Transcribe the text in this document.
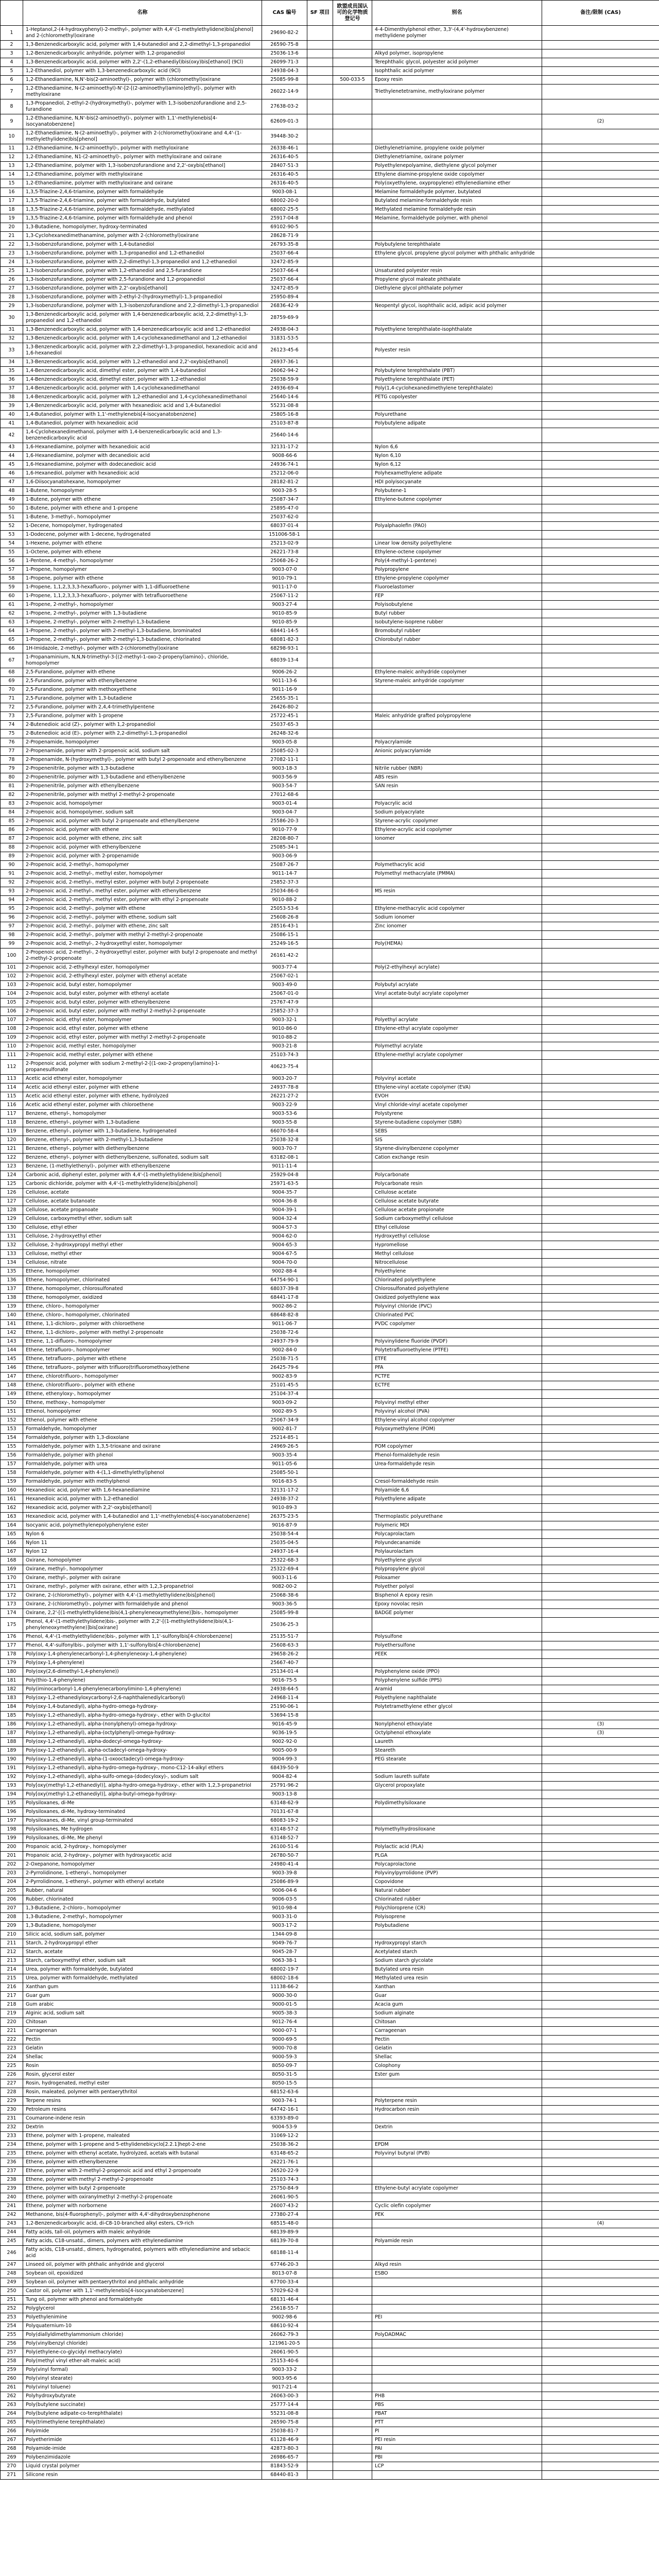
	名称	CAS 编号	SF 项目	欧盟成员国认可的化学物质登记号	别名	备注/限制 (CAS)
1	1-Heptanol,2-(4-hydroxyphenyl)-2-methyl-, polymer with 4,4'-(1-methylethylidene)bis[phenol] and 2-(chloromethyl)oxirane	29690-82-2			4-4-Dimenthylphenol ether, 3,3'-(4,4'-hydroxybenzene) methylidene polymer	
2	1,3-Benzenedicarboxylic acid, polymer with 1,4-butanediol and 2,2-dimethyl-1,3-propanediol	26590-75-8				
3	1,2-Benzenedicarboxylic anhydride, polymer with 1,2-propanediol	25036-13-6			Alkyd polymer, isopropylene	
4	1,3-Benzenedicarboxylic acid, polymer with 2,2'-(1,2-ethanediyl)bis(oxy)bis[ethanol] (9Cl)	26099-71-3			Terephthalic glycol, polyester acid polymer	
5	1,2-Ethanediol, polymer with 1,3-benzenedicarboxylic acid (9Cl)	24938-04-3			Isophthalic acid polymer	
6	1,2-Ethanediamine, N,N'-bis(2-aminoethyl)-, polymer with (chloromethyl)oxirane	25085-99-8		500-033-5	Epoxy resin	
7	1,2-Ethanediamine, N-(2-aminoethyl)-N'-[2-[(2-aminoethyl)amino]ethyl]-, polymer with methyloxirane	26022-14-9			Triethylenetetramine, methyloxirane polymer	
8	1,3-Propanediol, 2-ethyl-2-(hydroxymethyl)-, polymer with 1,3-isobenzofurandione and 2,5-furandione	27638-03-2				
9	1,2-Ethanediamine, N,N'-bis(2-aminoethyl)-, polymer with 1,1'-methylenebis[4-isocyanatobenzene]	62609-01-3				(2)
10	1,2-Ethanediamine, N-(2-aminoethyl)-, polymer with 2-(chloromethyl)oxirane and 4,4'-(1-methylethylidene)bis[phenol]	39448-30-2				
11	1,2-Ethanediamine, N-(2-aminoethyl)-, polymer with methyloxirane	26338-46-1			Diethylenetriamine, propylene oxide polymer	
12	1,2-Ethanediamine, N1-(2-aminoethyl)-, polymer with methyloxirane and oxirane	26316-40-5			Diethylenetriamine, oxirane polymer	
13	1,2-Ethanediamine, polymer with 1,3-isobenzofurandione and 2,2'-oxybis[ethanol]	28407-51-3			Polyethylenepolyamine, diethylene glycol polymer	
14	1,2-Ethanediamine, polymer with methyloxirane	26316-40-5			Ethylene diamine-propylene oxide copolymer	
15	1,2-Ethanediamine, polymer with methyloxirane and oxirane	26316-40-5			Poly(oxyethylene, oxypropylene) ethylenediamine ether	
16	1,3,5-Triazine-2,4,6-triamine, polymer with formaldehyde	9003-08-1			Melamine formaldehyde polymer, butylated	
17	1,3,5-Triazine-2,4,6-triamine, polymer with formaldehyde, butylated	68002-20-0			Butylated melamine-formaldehyde resin	
18	1,3,5-Triazine-2,4,6-triamine, polymer with formaldehyde, methylated	68002-25-5			Methylated melamine formaldehyde resin	
19	1,3,5-Triazine-2,4,6-triamine, polymer with formaldehyde and phenol	25917-04-8			Melamine, formaldehyde polymer, with phenol	
20	1,3-Butadiene, homopolymer, hydroxy-terminated	69102-90-5				
21	1,3-Cyclohexanedimethanamine, polymer with 2-(chloromethyl)oxirane	28628-71-9				
22	1,3-Isobenzofurandione, polymer with 1,4-butanediol	26793-35-8			Polybutylene terephthalate	
23	1,3-Isobenzofurandione, polymer with 1,3-propanediol and 1,2-ethanediol	25037-66-4			Ethylene glycol, propylene glycol polymer with phthalic anhydride	
24	1,3-Isobenzofurandione, polymer with 2,2-dimethyl-1,3-propanediol and 1,2-ethanediol	32472-85-9				
25	1,3-Isobenzofurandione, polymer with 1,2-ethanediol and 2,5-furandione	25037-66-4			Unsaturated polyester resin	
26	1,3-Isobenzofurandione, polymer with 2,5-furandione and 1,2-propanediol	25037-66-4			Propylene glycol maleate phthalate	
27	1,3-Isobenzofurandione, polymer with 2,2'-oxybis[ethanol]	32472-85-9			Diethylene glycol phthalate polymer	
28	1,3-Isobenzofurandione, polymer with 2-ethyl-2-(hydroxymethyl)-1,3-propanediol	25950-89-4				
29	1,3-Isobenzofurandione, polymer with 1,3-isobenzofurandione and 2,2-dimethyl-1,3-propanediol	26836-42-9			Neopentyl glycol, isophthalic acid, adipic acid polymer	
30	1,3-Benzenedicarboxylic acid, polymer with 1,4-benzenedicarboxylic acid, 2,2-dimethyl-1,3-propanediol and 1,2-ethanediol	28759-69-9				
31	1,3-Benzenedicarboxylic acid, polymer with 1,4-benzenedicarboxylic acid and 1,2-ethanediol	24938-04-3			Polyethylene terephthalate-isophthalate	
32	1,3-Benzenedicarboxylic acid, polymer with 1,4-cyclohexanedimethanol and 1,2-ethanediol	31831-53-5				
33	1,3-Benzenedicarboxylic acid, polymer with 2,2-dimethyl-1,3-propanediol, hexanedioic acid and 1,6-hexanediol	26123-45-6			Polyester resin	
34	1,3-Benzenedicarboxylic acid, polymer with 1,2-ethanediol and 2,2'-oxybis[ethanol]	26937-36-1				
35	1,4-Benzenedicarboxylic acid, dimethyl ester, polymer with 1,4-butanediol	26062-94-2			Polybutylene terephthalate (PBT)	
36	1,4-Benzenedicarboxylic acid, dimethyl ester, polymer with 1,2-ethanediol	25038-59-9			Polyethylene terephthalate (PET)	
37	1,4-Benzenedicarboxylic acid, polymer with 1,4-cyclohexanedimethanol	24936-69-4			Poly(1,4-cyclohexanedimethylene terephthalate)	
38	1,4-Benzenedicarboxylic acid, polymer with 1,2-ethanediol and 1,4-cyclohexanedimethanol	25640-14-6			PETG copolyester	
39	1,4-Benzenedicarboxylic acid, polymer with hexanedioic acid and 1,4-butanediol	55231-08-8				
40	1,4-Butanediol, polymer with 1,1'-methylenebis[4-isocyanatobenzene]	25805-16-8			Polyurethane	
41	1,4-Butanediol, polymer with hexanedioic acid	25103-87-8			Polybutylene adipate	
42	1,4-Cyclohexanedimethanol, polymer with 1,4-benzenedicarboxylic acid and 1,3-benzenedicarboxylic acid	25640-14-6				
43	1,6-Hexanediamine, polymer with hexanedioic acid	32131-17-2			Nylon 6,6	
44	1,6-Hexanediamine, polymer with decanedioic acid	9008-66-6			Nylon 6,10	
45	1,6-Hexanediamine, polymer with dodecanedioic acid	24936-74-1			Nylon 6,12	
46	1,6-Hexanediol, polymer with hexanedioic acid	25212-06-0			Polyhexamethylene adipate	
47	1,6-Diisocyanatohexane, homopolymer	28182-81-2			HDI polyisocyanate	
48	1-Butene, homopolymer	9003-28-5			Polybutene-1	
49	1-Butene, polymer with ethene	25087-34-7			Ethylene-butene copolymer	
50	1-Butene, polymer with ethene and 1-propene	25895-47-0				
51	1-Butene, 3-methyl-, homopolymer	25037-62-0				
52	1-Decene, homopolymer, hydrogenated	68037-01-4			Polyalphaolefin (PAO)	
53	1-Dodecene, polymer with 1-decene, hydrogenated	151006-58-1				
54	1-Hexene, polymer with ethene	25213-02-9			Linear low density polyethylene	
55	1-Octene, polymer with ethene	26221-73-8			Ethylene-octene copolymer	
56	1-Pentene, 4-methyl-, homopolymer	25068-26-2			Poly(4-methyl-1-pentene)	
57	1-Propene, homopolymer	9003-07-0			Polypropylene	
58	1-Propene, polymer with ethene	9010-79-1			Ethylene-propylene copolymer	
59	1-Propene, 1,1,2,3,3,3-hexafluoro-, polymer with 1,1-difluoroethene	9011-17-0			Fluoroelastomer	
60	1-Propene, 1,1,2,3,3,3-hexafluoro-, polymer with tetrafluoroethene	25067-11-2			FEP	
61	1-Propene, 2-methyl-, homopolymer	9003-27-4			Polyisobutylene	
62	1-Propene, 2-methyl-, polymer with 1,3-butadiene	9010-85-9			Butyl rubber	
63	1-Propene, 2-methyl-, polymer with 2-methyl-1,3-butadiene	9010-85-9			Isobutylene-isoprene rubber	
64	1-Propene, 2-methyl-, polymer with 2-methyl-1,3-butadiene, brominated	68441-14-5			Bromobutyl rubber	
65	1-Propene, 2-methyl-, polymer with 2-methyl-1,3-butadiene, chlorinated	68081-82-3			Chlorobutyl rubber	
66	1H-Imidazole, 2-methyl-, polymer with 2-(chloromethyl)oxirane	68298-93-1				
67	1-Propanaminium, N,N,N-trimethyl-3-[(2-methyl-1-oxo-2-propenyl)amino]-, chloride, homopolymer	68039-13-4				
68	2,5-Furandione, polymer with ethene	9006-26-2			Ethylene-maleic anhydride copolymer	
69	2,5-Furandione, polymer with ethenylbenzene	9011-13-6			Styrene-maleic anhydride copolymer	
70	2,5-Furandione, polymer with methoxyethene	9011-16-9				
71	2,5-Furandione, polymer with 1,3-butadiene	25655-35-1				
72	2,5-Furandione, polymer with 2,4,4-trimethylpentene	26426-80-2				
73	2,5-Furandione, polymer with 1-propene	25722-45-1			Maleic anhydride grafted polypropylene	
74	2-Butenedioic acid (Z)-, polymer with 1,2-propanediol	25037-65-3				
75	2-Butenedioic acid (E)-, polymer with 2,2-dimethyl-1,3-propanediol	26248-32-6				
76	2-Propenamide, homopolymer	9003-05-8			Polyacrylamide	
77	2-Propenamide, polymer with 2-propenoic acid, sodium salt	25085-02-3			Anionic polyacrylamide	
78	2-Propenamide, N-(hydroxymethyl)-, polymer with butyl 2-propenoate and ethenylbenzene	27082-11-1				
79	2-Propenenitrile, polymer with 1,3-butadiene	9003-18-3			Nitrile rubber (NBR)	
80	2-Propenenitrile, polymer with 1,3-butadiene and ethenylbenzene	9003-56-9			ABS resin	
81	2-Propenenitrile, polymer with ethenylbenzene	9003-54-7			SAN resin	
82	2-Propenenitrile, polymer with methyl 2-methyl-2-propenoate	27012-68-6				
83	2-Propenoic acid, homopolymer	9003-01-4			Polyacrylic acid	
84	2-Propenoic acid, homopolymer, sodium salt	9003-04-7			Sodium polyacrylate	
85	2-Propenoic acid, polymer with butyl 2-propenoate and ethenylbenzene	25586-20-3			Styrene-acrylic copolymer	
86	2-Propenoic acid, polymer with ethene	9010-77-9			Ethylene-acrylic acid copolymer	
87	2-Propenoic acid, polymer with ethene, zinc salt	28208-80-7			Ionomer	
88	2-Propenoic acid, polymer with ethenylbenzene	25085-34-1				
89	2-Propenoic acid, polymer with 2-propenamide	9003-06-9				
90	2-Propenoic acid, 2-methyl-, homopolymer	25087-26-7			Polymethacrylic acid	
91	2-Propenoic acid, 2-methyl-, methyl ester, homopolymer	9011-14-7			Polymethyl methacrylate (PMMA)	
92	2-Propenoic acid, 2-methyl-, methyl ester, polymer with butyl 2-propenoate	25852-37-3				
93	2-Propenoic acid, 2-methyl-, methyl ester, polymer with ethenylbenzene	25034-86-0			MS resin	
94	2-Propenoic acid, 2-methyl-, methyl ester, polymer with ethyl 2-propenoate	9010-88-2				
95	2-Propenoic acid, 2-methyl-, polymer with ethene	25053-53-6			Ethylene-methacrylic acid copolymer	
96	2-Propenoic acid, 2-methyl-, polymer with ethene, sodium salt	25608-26-8			Sodium ionomer	
97	2-Propenoic acid, 2-methyl-, polymer with ethene, zinc salt	28516-43-1			Zinc ionomer	
98	2-Propenoic acid, 2-methyl-, polymer with methyl 2-methyl-2-propenoate	25086-15-1				
99	2-Propenoic acid, 2-methyl-, 2-hydroxyethyl ester, homopolymer	25249-16-5			Poly(HEMA)	
100	2-Propenoic acid, 2-methyl-, 2-hydroxyethyl ester, polymer with butyl 2-propenoate and methyl 2-methyl-2-propenoate	26161-42-2				
101	2-Propenoic acid, 2-ethylhexyl ester, homopolymer	9003-77-4			Poly(2-ethylhexyl acrylate)	
102	2-Propenoic acid, 2-ethylhexyl ester, polymer with ethenyl acetate	25067-02-1				
103	2-Propenoic acid, butyl ester, homopolymer	9003-49-0			Polybutyl acrylate	
104	2-Propenoic acid, butyl ester, polymer with ethenyl acetate	25067-01-0			Vinyl acetate-butyl acrylate copolymer	
105	2-Propenoic acid, butyl ester, polymer with ethenylbenzene	25767-47-9				
106	2-Propenoic acid, butyl ester, polymer with methyl 2-methyl-2-propenoate	25852-37-3				
107	2-Propenoic acid, ethyl ester, homopolymer	9003-32-1			Polyethyl acrylate	
108	2-Propenoic acid, ethyl ester, polymer with ethene	9010-86-0			Ethylene-ethyl acrylate copolymer	
109	2-Propenoic acid, ethyl ester, polymer with methyl 2-methyl-2-propenoate	9010-88-2				
110	2-Propenoic acid, methyl ester, homopolymer	9003-21-8			Polymethyl acrylate	
111	2-Propenoic acid, methyl ester, polymer with ethene	25103-74-3			Ethylene-methyl acrylate copolymer	
112	2-Propenoic acid, polymer with sodium 2-methyl-2-[(1-oxo-2-propenyl)amino]-1-propanesulfonate	40623-75-4				
113	Acetic acid ethenyl ester, homopolymer	9003-20-7			Polyvinyl acetate	
114	Acetic acid ethenyl ester, polymer with ethene	24937-78-8			Ethylene-vinyl acetate copolymer (EVA)	
115	Acetic acid ethenyl ester, polymer with ethene, hydrolyzed	26221-27-2			EVOH	
116	Acetic acid ethenyl ester, polymer with chloroethene	9003-22-9			Vinyl chloride-vinyl acetate copolymer	
117	Benzene, ethenyl-, homopolymer	9003-53-6			Polystyrene	
118	Benzene, ethenyl-, polymer with 1,3-butadiene	9003-55-8			Styrene-butadiene copolymer (SBR)	
119	Benzene, ethenyl-, polymer with 1,3-butadiene, hydrogenated	66070-58-4			SEBS	
120	Benzene, ethenyl-, polymer with 2-methyl-1,3-butadiene	25038-32-8			SIS	
121	Benzene, ethenyl-, polymer with diethenylbenzene	9003-70-7			Styrene-divinylbenzene copolymer	
122	Benzene, ethenyl-, polymer with diethenylbenzene, sulfonated, sodium salt	63182-08-1			Cation exchange resin	
123	Benzene, (1-methylethenyl)-, polymer with ethenylbenzene	9011-11-4				
124	Carbonic acid, diphenyl ester, polymer with 4,4'-(1-methylethylidene)bis[phenol]	25929-04-8			Polycarbonate	
125	Carbonic dichloride, polymer with 4,4'-(1-methylethylidene)bis[phenol]	25971-63-5			Polycarbonate resin	
126	Cellulose, acetate	9004-35-7			Cellulose acetate	
127	Cellulose, acetate butanoate	9004-36-8			Cellulose acetate butyrate	
128	Cellulose, acetate propanoate	9004-39-1			Cellulose acetate propionate	
129	Cellulose, carboxymethyl ether, sodium salt	9004-32-4			Sodium carboxymethyl cellulose	
130	Cellulose, ethyl ether	9004-57-3			Ethyl cellulose	
131	Cellulose, 2-hydroxyethyl ether	9004-62-0			Hydroxyethyl cellulose	
132	Cellulose, 2-hydroxypropyl methyl ether	9004-65-3			Hypromellose	
133	Cellulose, methyl ether	9004-67-5			Methyl cellulose	
134	Cellulose, nitrate	9004-70-0			Nitrocellulose	
135	Ethene, homopolymer	9002-88-4			Polyethylene	
136	Ethene, homopolymer, chlorinated	64754-90-1			Chlorinated polyethylene	
137	Ethene, homopolymer, chlorosulfonated	68037-39-8			Chlorosulfonated polyethylene	
138	Ethene, homopolymer, oxidized	68441-17-8			Oxidized polyethylene wax	
139	Ethene, chloro-, homopolymer	9002-86-2			Polyvinyl chloride (PVC)	
140	Ethene, chloro-, homopolymer, chlorinated	68648-82-8			Chlorinated PVC	
141	Ethene, 1,1-dichloro-, polymer with chloroethene	9011-06-7			PVDC copolymer	
142	Ethene, 1,1-dichloro-, polymer with methyl 2-propenoate	25038-72-6				
143	Ethene, 1,1-difluoro-, homopolymer	24937-79-9			Polyvinylidene fluoride (PVDF)	
144	Ethene, tetrafluoro-, homopolymer	9002-84-0			Polytetrafluoroethylene (PTFE)	
145	Ethene, tetrafluoro-, polymer with ethene	25038-71-5			ETFE	
146	Ethene, tetrafluoro-, polymer with trifluoro(trifluoromethoxy)ethene	26425-79-6			PFA	
147	Ethene, chlorotrifluoro-, homopolymer	9002-83-9			PCTFE	
148	Ethene, chlorotrifluoro-, polymer with ethene	25101-45-5			ECTFE	
149	Ethene, ethenyloxy-, homopolymer	25104-37-4				
150	Ethene, methoxy-, homopolymer	9003-09-2			Polyvinyl methyl ether	
151	Ethenol, homopolymer	9002-89-5			Polyvinyl alcohol (PVA)	
152	Ethenol, polymer with ethene	25067-34-9			Ethylene-vinyl alcohol copolymer	
153	Formaldehyde, homopolymer	9002-81-7			Polyoxymethylene (POM)	
154	Formaldehyde, polymer with 1,3-dioxolane	25214-85-1				
155	Formaldehyde, polymer with 1,3,5-trioxane and oxirane	24969-26-5			POM copolymer	
156	Formaldehyde, polymer with phenol	9003-35-4			Phenol-formaldehyde resin	
157	Formaldehyde, polymer with urea	9011-05-6			Urea-formaldehyde resin	
158	Formaldehyde, polymer with 4-(1,1-dimethylethyl)phenol	25085-50-1				
159	Formaldehyde, polymer with methylphenol	9016-83-5			Cresol-formaldehyde resin	
160	Hexanedioic acid, polymer with 1,6-hexanediamine	32131-17-2			Polyamide 6,6	
161	Hexanedioic acid, polymer with 1,2-ethanediol	24938-37-2			Polyethylene adipate	
162	Hexanedioic acid, polymer with 2,2'-oxybis[ethanol]	9010-89-3				
163	Hexanedioic acid, polymer with 1,4-butanediol and 1,1'-methylenebis[4-isocyanatobenzene]	26375-23-5			Thermoplastic polyurethane	
164	Isocyanic acid, polymethylenepolyphenylene ester	9016-87-9			Polymeric MDI	
165	Nylon 6	25038-54-4			Polycaprolactam	
166	Nylon 11	25035-04-5			Polyundecanamide	
167	Nylon 12	24937-16-4			Polylaurolactam	
168	Oxirane, homopolymer	25322-68-3			Polyethylene glycol	
169	Oxirane, methyl-, homopolymer	25322-69-4			Polypropylene glycol	
170	Oxirane, methyl-, polymer with oxirane	9003-11-6			Poloxamer	
171	Oxirane, methyl-, polymer with oxirane, ether with 1,2,3-propanetriol	9082-00-2			Polyether polyol	
172	Oxirane, 2-(chloromethyl)-, polymer with 4,4'-(1-methylethylidene)bis[phenol]	25068-38-6			Bisphenol A epoxy resin	
173	Oxirane, 2-(chloromethyl)-, polymer with formaldehyde and phenol	9003-36-5			Epoxy novolac resin	
174	Oxirane, 2,2'-[(1-methylethylidene)bis(4,1-phenyleneoxymethylene)]bis-, homopolymer	25085-99-8			BADGE polymer	
175	Phenol, 4,4'-(1-methylethylidene)bis-, polymer with 2,2'-[(1-methylethylidene)bis(4,1-phenyleneoxymethylene)]bis[oxirane]	25036-25-3				
176	Phenol, 4,4'-(1-methylethylidene)bis-, polymer with 1,1'-sulfonylbis[4-chlorobenzene]	25135-51-7			Polysulfone	
177	Phenol, 4,4'-sulfonylbis-, polymer with 1,1'-sulfonylbis[4-chlorobenzene]	25608-63-3			Polyethersulfone	
178	Poly(oxy-1,4-phenylenecarbonyl-1,4-phenyleneoxy-1,4-phenylene)	29658-26-2			PEEK	
179	Poly(oxy-1,4-phenylene)	25667-40-7				
180	Poly(oxy(2,6-dimethyl-1,4-phenylene))	25134-01-4			Polyphenylene oxide (PPO)	
181	Poly(thio-1,4-phenylene)	9016-75-5			Polyphenylene sulfide (PPS)	
182	Poly(iminocarbonyl-1,4-phenylenecarbonylimino-1,4-phenylene)	24938-64-5			Aramid	
183	Poly(oxy-1,2-ethanediyloxycarbonyl-2,6-naphthalenediylcarbonyl)	24968-11-4			Polyethylene naphthalate	
184	Poly(oxy-1,4-butanediyl), alpha-hydro-omega-hydroxy-	25190-06-1			Polytetramethylene ether glycol	
185	Poly(oxy-1,2-ethanediyl), alpha-hydro-omega-hydroxy-, ether with D-glucitol	53694-15-8				
186	Poly(oxy-1,2-ethanediyl), alpha-(nonylphenyl)-omega-hydroxy-	9016-45-9			Nonylphenol ethoxylate	(3)
187	Poly(oxy-1,2-ethanediyl), alpha-(octylphenyl)-omega-hydroxy-	9036-19-5			Octylphenol ethoxylate	(3)
188	Poly(oxy-1,2-ethanediyl), alpha-dodecyl-omega-hydroxy-	9002-92-0			Laureth	
189	Poly(oxy-1,2-ethanediyl), alpha-octadecyl-omega-hydroxy-	9005-00-9			Steareth	
190	Poly(oxy-1,2-ethanediyl), alpha-(1-oxooctadecyl)-omega-hydroxy-	9004-99-3			PEG stearate	
191	Poly(oxy-1,2-ethanediyl), alpha-hydro-omega-hydroxy-, mono-C12-14-alkyl ethers	68439-50-9				
192	Poly(oxy-1,2-ethanediyl), alpha-sulfo-omega-(dodecyloxy)-, sodium salt	9004-82-4			Sodium laureth sulfate	
193	Poly[oxy(methyl-1,2-ethanediyl)], alpha-hydro-omega-hydroxy-, ether with 1,2,3-propanetriol	25791-96-2			Glycerol propoxylate	
194	Poly[oxy(methyl-1,2-ethanediyl)], alpha-butyl-omega-hydroxy-	9003-13-8				
195	Polysiloxanes, di-Me	63148-62-9			Polydimethylsiloxane	
196	Polysiloxanes, di-Me, hydroxy-terminated	70131-67-8				
197	Polysiloxanes, di-Me, vinyl group-terminated	68083-19-2				
198	Polysiloxanes, Me hydrogen	63148-57-2			Polymethylhydrosiloxane	
199	Polysiloxanes, di-Me, Me phenyl	63148-52-7				
200	Propanoic acid, 2-hydroxy-, homopolymer	26100-51-6			Polylactic acid (PLA)	
201	Propanoic acid, 2-hydroxy-, polymer with hydroxyacetic acid	26780-50-7			PLGA	
202	2-Oxepanone, homopolymer	24980-41-4			Polycaprolactone	
203	2-Pyrrolidinone, 1-ethenyl-, homopolymer	9003-39-8			Polyvinylpyrrolidone (PVP)	
204	2-Pyrrolidinone, 1-ethenyl-, polymer with ethenyl acetate	25086-89-9			Copovidone	
205	Rubber, natural	9006-04-6			Natural rubber	
206	Rubber, chlorinated	9006-03-5			Chlorinated rubber	
207	1,3-Butadiene, 2-chloro-, homopolymer	9010-98-4			Polychloroprene (CR)	
208	1,3-Butadiene, 2-methyl-, homopolymer	9003-31-0			Polyisoprene	
209	1,3-Butadiene, homopolymer	9003-17-2			Polybutadiene	
210	Silicic acid, sodium salt, polymer	1344-09-8				
211	Starch, 2-hydroxypropyl ether	9049-76-7			Hydroxypropyl starch	
212	Starch, acetate	9045-28-7			Acetylated starch	
213	Starch, carboxymethyl ether, sodium salt	9063-38-1			Sodium starch glycolate	
214	Urea, polymer with formaldehyde, butylated	68002-19-7			Butylated urea resin	
215	Urea, polymer with formaldehyde, methylated	68002-18-6			Methylated urea resin	
216	Xanthan gum	11138-66-2			Xanthan	
217	Guar gum	9000-30-0			Guar	
218	Gum arabic	9000-01-5			Acacia gum	
219	Alginic acid, sodium salt	9005-38-3			Sodium alginate	
220	Chitosan	9012-76-4			Chitosan	
221	Carrageenan	9000-07-1			Carrageenan	
222	Pectin	9000-69-5			Pectin	
223	Gelatin	9000-70-8			Gelatin	
224	Shellac	9000-59-3			Shellac	
225	Rosin	8050-09-7			Colophony	
226	Rosin, glycerol ester	8050-31-5			Ester gum	
227	Rosin, hydrogenated, methyl ester	8050-15-5				
228	Rosin, maleated, polymer with pentaerythritol	68152-63-6				
229	Terpene resins	9003-74-1			Polyterpene resin	
230	Petroleum resins	64742-16-1			Hydrocarbon resin	
231	Coumarone-indene resin	63393-89-0				
232	Dextrin	9004-53-9			Dextrin	
233	Ethene, polymer with 1-propene, maleated	31069-12-2				
234	Ethene, polymer with 1-propene and 5-ethylidenebicyclo[2.2.1]hept-2-ene	25038-36-2			EPDM	
235	Ethene, polymer with ethenyl acetate, hydrolyzed, acetals with butanal	63148-65-2			Polyvinyl butyral (PVB)	
236	Ethene, polymer with ethenylbenzene	26221-76-1				
237	Ethene, polymer with 2-methyl-2-propenoic acid and ethyl 2-propenoate	26520-22-9				
238	Ethene, polymer with methyl 2-methyl-2-propenoate	25103-74-3				
239	Ethene, polymer with butyl 2-propenoate	25750-84-9			Ethylene-butyl acrylate copolymer	
240	Ethene, polymer with oxiranylmethyl 2-methyl-2-propenoate	26061-90-5				
241	Ethene, polymer with norbornene	26007-43-2			Cyclic olefin copolymer	
242	Methanone, bis(4-fluorophenyl)-, polymer with 4,4'-dihydroxybenzophenone	27380-27-4			PEK	
243	1,2-Benzenedicarboxylic acid, di-C8-10-branched alkyl esters, C9-rich	68515-48-0				(4)
244	Fatty acids, tall-oil, polymers with maleic anhydride	68139-89-9				
245	Fatty acids, C18-unsatd., dimers, polymers with ethylenediamine	68139-70-8			Polyamide resin	
246	Fatty acids, C18-unsatd., dimers, hydrogenated, polymers with ethylenediamine and sebacic acid	68188-11-4				
247	Linseed oil, polymer with phthalic anhydride and glycerol	67746-20-3			Alkyd resin	
248	Soybean oil, epoxidized	8013-07-8			ESBO	
249	Soybean oil, polymer with pentaerythritol and phthalic anhydride	67700-33-4				
250	Castor oil, polymer with 1,1'-methylenebis[4-isocyanatobenzene]	57029-62-8				
251	Tung oil, polymer with phenol and formaldehyde	68131-46-4				
252	Polyglycerol	25618-55-7				
253	Polyethylenimine	9002-98-6			PEI	
254	Polyquaternium-10	68610-92-4				
255	Poly(diallyldimethylammonium chloride)	26062-79-3			PolyDADMAC	
256	Poly(vinylbenzyl chloride)	121961-20-5				
257	Poly(ethylene-co-glycidyl methacrylate)	26061-90-5				
258	Poly(methyl vinyl ether-alt-maleic acid)	25153-40-6				
259	Poly(vinyl formal)	9003-33-2				
260	Poly(vinyl stearate)	9003-95-6				
261	Poly(vinyl toluene)	9017-21-4				
262	Polyhydroxybutyrate	26063-00-3			PHB	
263	Poly(butylene succinate)	25777-14-4			PBS	
264	Poly(butylene adipate-co-terephthalate)	55231-08-8			PBAT	
265	Poly(trimethylene terephthalate)	26590-75-8			PTT	
266	Polyimide	25038-81-7			PI	
267	Polyetherimide	61128-46-9			PEI resin	
268	Polyamide-imide	42873-80-3			PAI	
269	Polybenzimidazole	26986-65-7			PBI	
270	Liquid crystal polymer	81843-52-9			LCP	
271	Silicone resin	68440-81-3				
